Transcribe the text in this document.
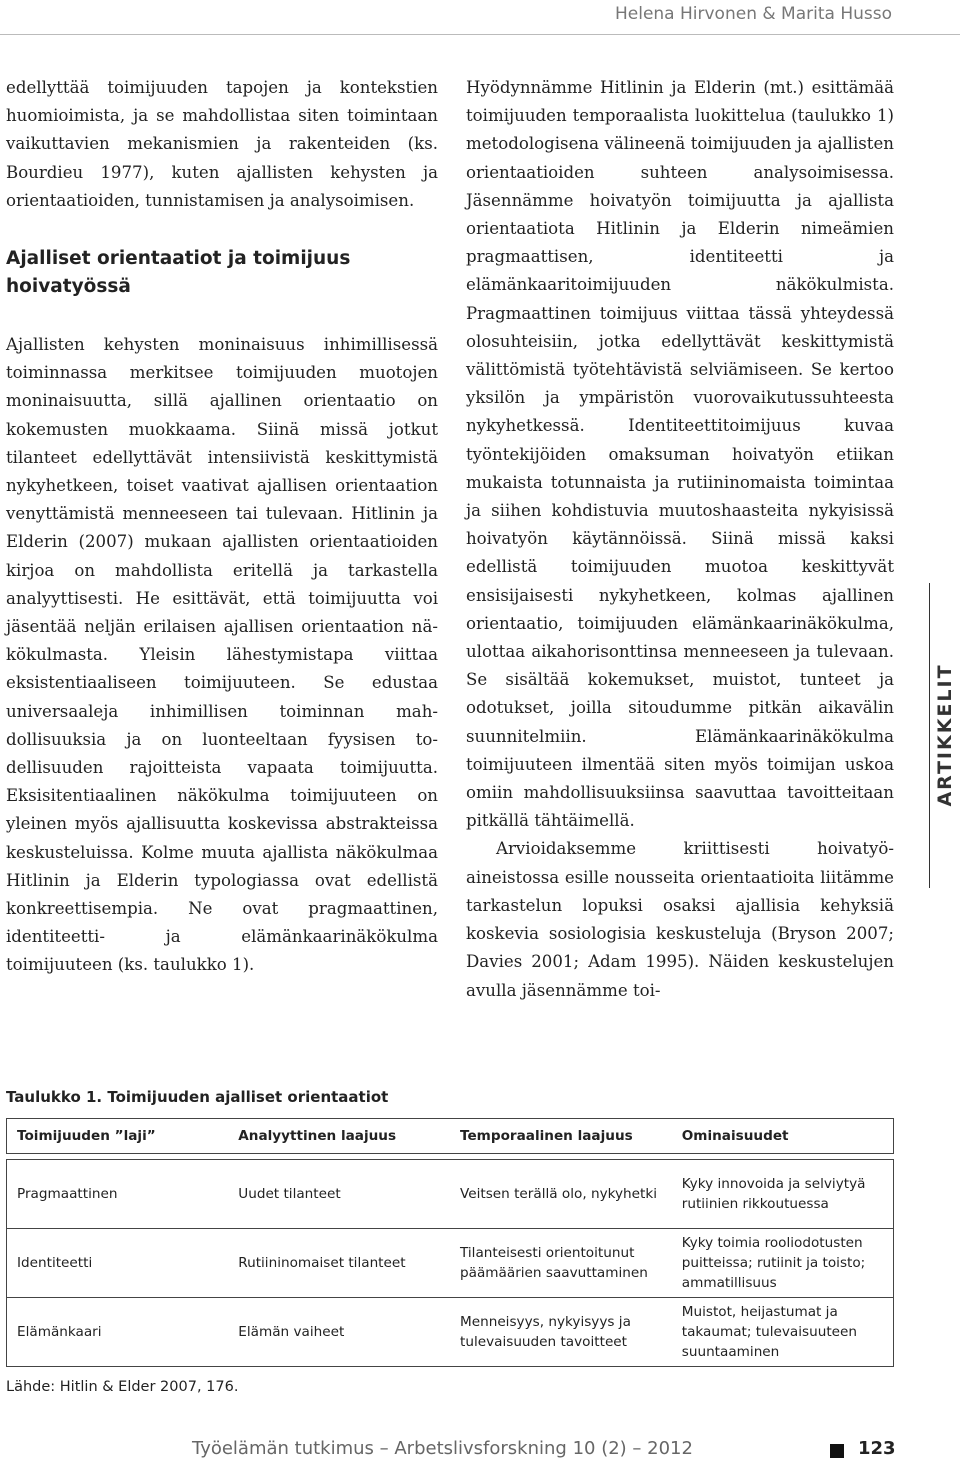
Helena Hirvonen & Marita Husso

edellyttää toimijuuden tapojen ja kontekstien huomioimista, ja se mahdollistaa siten toimintaan vaikuttavien mekanismien ja rakenteiden (ks. Bourdieu 1977), kuten ajallisten kehysten ja orientaatioiden, tunnistamisen ja analysoimisen.

Ajalliset orientaatiot ja toimijuus hoivatyössä

Ajallisten kehysten moninaisuus inhimillisessä toiminnassa merkitsee toimijuuden muotojen moninaisuutta, sillä ajallinen orientaatio on kokemusten muokkaama. Siinä missä jotkut tilanteet edellyttävät intensiivistä keskittymistä nykyhetkeen, toiset vaativat ajallisen orientaation venyttämistä menneeseen tai tulevaan. Hitlinin ja Elderin (2007) mukaan ajallisten orientaatioiden kirjoa on mahdollista eritellä ja tarkastella analyyttisesti. He esittävät, että toimijuutta voi jäsentää neljän erilaisen ajallisen orientaation näkökulmasta. Yleisin lähestymistapa viittaa eksistentiaaliseen toimijuuteen. Se edustaa universaaleja inhimillisen toiminnan mahdollisuuksia ja on luonteeltaan fyysisen todellisuuden rajoitteista vapaata toimijuutta. Eksisitentiaalinen näkökulma toimijuuteen on yleinen myös ajallisuutta koskevissa abstrakteissa keskusteluissa. Kolme muuta ajallista näkökulmaa Hitlinin ja Elderin typologiassa ovat edellistä konkreettisempia. Ne ovat pragmaattinen, identiteetti- ja elämänkaarinäkökulma toimijuuteen (ks. taulukko 1).

Hyödynnämme Hitlinin ja Elderin (mt.) esittämää toimijuuden temporaalista luokittelua (taulukko 1) metodologisena välineenä toimijuuden ja ajallisten orientaatioiden suhteen analysoimisessa. Jäsennämme hoivatyön toimijuutta ja ajallista orientaatiota Hitlinin ja Elderin nimeämien pragmaattisen, identiteetti ja elämänkaaritoimijuuden näkökulmista. Pragmaattinen toimijuus viittaa tässä yhteydessä olosuhteisiin, jotka edellyttävät keskittymistä välittömistä työtehtävistä selviämiseen. Se kertoo yksilön ja ympäristön vuorovaikutussuhteesta nykyhetkessä. Identiteettitoimijuus kuvaa työntekijöiden omaksuman hoivatyön etiikan mukaista totunnaista ja rutiininomaista toimintaa ja siihen kohdistuvia muutoshaasteita nykyisissä hoivatyön käytännöissä. Siinä missä kaksi edellistä toimijuuden muotoa keskittyvät ensisijaisesti nykyhetkeen, kolmas ajallinen orientaatio, toimijuuden elämänkaarinäkökulma, ulottaa aikahorisonttinsa menneeseen ja tulevaan. Se sisältää kokemukset, muistot, tunteet ja odotukset, joilla sitoudumme pitkän aikavälin suunnitelmiin. Elämänkaarinäkökulma toimijuuteen ilmentää siten myös toimijan uskoa omiin mahdollisuuksiinsa saavuttaa tavoitteitaan pitkällä tähtäimellä.

Arvioidaksemme kriittisesti hoivatyöaineistossa esille nousseita orientaatioita liitämme tarkastelun lopuksi osaksi ajallisia kehyksiä koskevia sosiologisia keskusteluja (Bryson 2007; Davies 2001; Adam 1995). Näiden keskustelujen avulla jäsennämme toi-

ARTIKKELIT
Taulukko 1. Toimijuuden ajalliset orientaatiot
Toimijuuden ”laji”	Analyyttinen laajuus	Temporaalinen laajuus	Ominaisuudet

Pragmaattinen	Uudet tilanteet	Veitsen terällä olo, nykyhetki	Kyky innovoida ja selviytyä rutiinien rikkoutuessa
Identiteetti	Rutiininomaiset tilanteet	Tilanteisesti orientoitunut päämäärien saavuttaminen	Kyky toimia rooliodotusten puitteissa; rutiinit ja toisto; ammatillisuus
Elämänkaari	Elämän vaiheet	Menneisyys, nykyisyys ja tulevaisuuden tavoitteet	Muistot, heijastumat ja takaumat; tulevaisuuteen suuntaaminen
Lähde: Hitlin & Elder 2007, 176.
Työelämän tutkimus – Arbetslivsforskning 10 (2) – 2012	123
